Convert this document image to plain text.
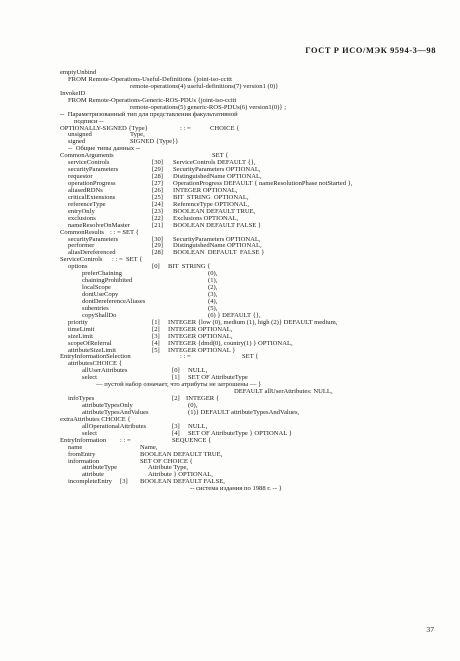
ГОСТ Р ИСО/МЭК 9594-3—98
emptyUnbind
FROM Remote-Operations-Useful-Definitions {joint-iso-ccitt
remote-operations(4) useful-definitions(7) version1 (0)}
InvokeID
FROM Remote-Operations-Generic-ROS-PDUs {joint-iso-ccitt
remote-operations(5) generic-ROS-PDUs(6) version1(0)} ;
--  Параметризованный тип для представления факультативной
подписи --
OPTIONALLY-SIGNED {Type}	: : =	CHOICE {
unsigned	Type,
signed	SIGNED {Type}}
--  Общие типы данных --
CommonArguments	SET {
serviceControls	[30] ServiceControls DEFAULT {},
securityParameters	[29] SecurityParameters OPTIONAL,
requestor	[28] DistinguishedName OPTIONAL,
operationProgress	[27] OperationProgress DEFAULT { nameResolutionPhase notStarted },
aliasedRDNs	[26] INTEGER OPTIONAL,
criticalExtensions	[25] BIT  STRING  OPTIONAL,
referenceType	[24] ReferenceType OPTIONAL,
entryOnly	[23] BOOLEAN DEFAULT TRUE,
exclusions	[22] Exclusions OPTIONAL,
nameResolveOnMaster	[21] BOOLEAN DEFAULT FALSE }
CommonResults : : = SET {
securityParameters	[30] SecurityParameters OPTIONAL,
performer	[29] DistinguishedName OPTIONAL,
aliasDereferenced	[28] BOOLEAN  DEFAULT  FALSE }
ServiceControls : : =  SET {
options	[0] BIT  STRING {
preferChaining	(0),
chainingProhibited	(1),
localScope	(2),
dontUseCopy	(3),
dontDereferenceAliases	(4),
subentries	(5),
copyShallDo	(6) } DEFAULT {},
priority	[1] INTEGER {low (0), medium (1), high (2)} DEFAULT medium,
timeLimit	[2] INTEGER OPTIONAL,
sizeLimit	[3] INTEGER OPTIONAL,
scopeOfReferral	[4] INTEGER {dmd(0), country(1) } OPTIONAL,
attributeSizeLimit	[5] INTEGER OPTIONAL }
EntryInformationSelection	: : =	SET {
attributesCHOICE {
allUserAttributes	[0] NULL,
select	[1] SET OF AttributeType
— пустой набор означает, что атрибуты не затрошены — }
DEFAULT allUserAttributes: NULL,
infoTypes	[2] INTEGER {
attributeTypesOnly	(0),
attributeTypesAndValues	(1)} DEFAULT attributeTypesAndValues,
extraAttributes CHOICE {
allOperationalAttributes	[3] NULL,
select	[4] SET OF AttributeType } OPTIONAL }
EntryInformation : : =	SEQUENCE {
name	Name,
fromEntry	BOOLEAN DEFAULT TRUE,
information	SET OF CHOICE {
attributeType	Attribute Type,
attribute	Attribute } OPTIONAL,
incompleteEntry [3] BOOLEAN DEFAULT FALSE,
-- система издания по 1988 г. -- }
37
